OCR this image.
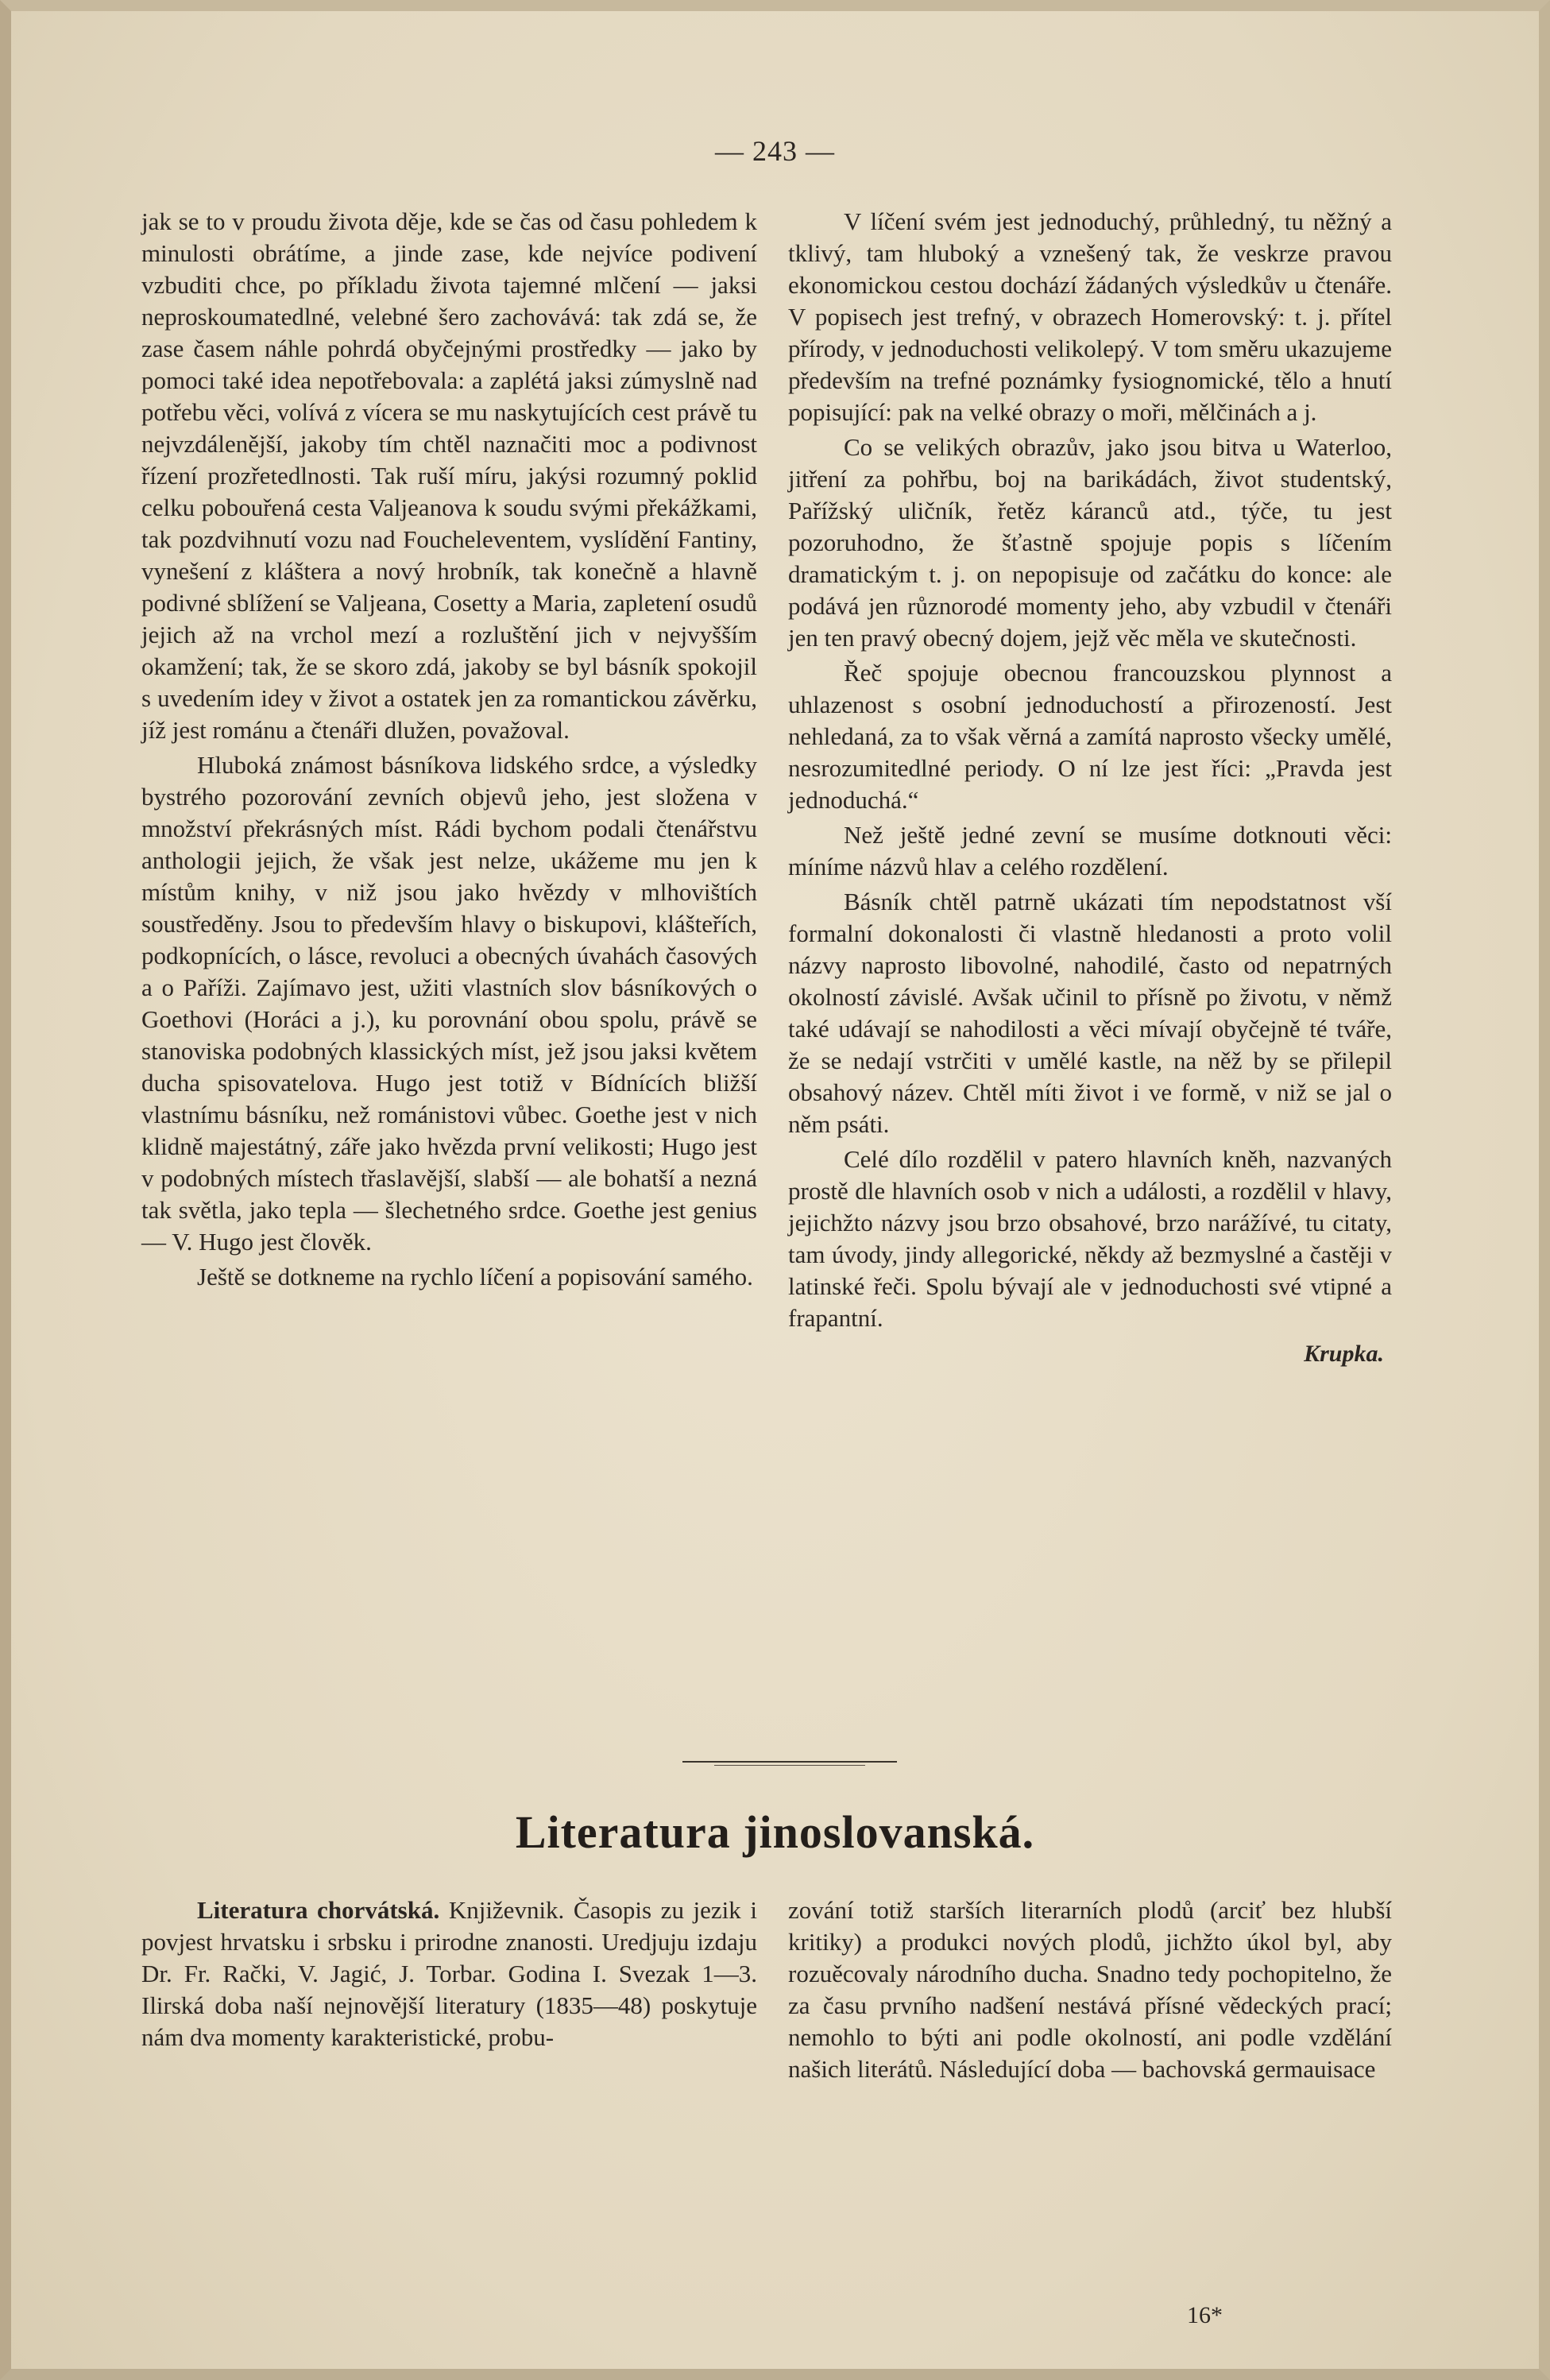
— 243 —

jak se to v proudu života děje, kde se čas od času pohledem k minulosti obrátíme, a jinde zase, kde nejvíce podivení vzbuditi chce, po příkladu života tajemné mlčení — jaksi neproskoumatedlné, velebné šero zachovává: tak zdá se, že zase časem náhle pohrdá obyčejnými prostředky — jako by pomoci také idea nepotřebovala: a zaplétá jaksi zúmyslně nad potřebu věci, volívá z vícera se mu naskytujících cest právě tu nejvzdálenější, jakoby tím chtěl naznačiti moc a podivnost řízení prozřetedlnosti. Tak ruší míru, jakýsi rozumný poklid celku pobouřená cesta Valjeanova k soudu svými překážkami, tak pozdvihnutí vozu nad Foucheleventem, vyslídění Fantiny, vynešení z kláštera a nový hrobník, tak konečně a hlavně podivné sblížení se Valjeana, Cosetty a Maria, zapletení osudů jejich až na vrchol mezí a rozluštění jich v nejvyšším okamžení; tak, že se skoro zdá, jakoby se byl básník spokojil s uvedením idey v život a ostatek jen za romantickou závěrku, jíž jest románu a čtenáři dlužen, považoval.

Hluboká známost básníkova lidského srdce, a výsledky bystrého pozorování zevních objevů jeho, jest složena v množství překrásných míst. Rádi bychom podali čtenářstvu anthologii jejich, že však jest nelze, ukážeme mu jen k místům knihy, v niž jsou jako hvězdy v mlhovištích soustředěny. Jsou to především hlavy o biskupovi, klášteřích, podkopnících, o lásce, revoluci a obecných úvahách časových a o Paříži. Zajímavo jest, užiti vlastních slov básníkových o Goethovi (Horáci a j.), ku porovnání obou spolu, právě se stanoviska podobných klassických míst, jež jsou jaksi květem ducha spisovatelova. Hugo jest totiž v Bídnících bližší vlastnímu básníku, než románistovi vůbec. Goethe jest v nich klidně majestátný, záře jako hvězda první velikosti; Hugo jest v podobných místech třaslavější, slabší — ale bohatší a nezná tak světla, jako tepla — šlechetného srdce. Goethe jest genius — V. Hugo jest člověk.

Ještě se dotkneme na rychlo líčení a popisování samého.

V líčení svém jest jednoduchý, průhledný, tu něžný a tklivý, tam hluboký a vznešený tak, že veskrze pravou ekonomickou cestou dochází žádaných výsledkův u čtenáře. V popisech jest trefný, v obrazech Homerovský: t. j. přítel přírody, v jednoduchosti velikolepý. V tom směru ukazujeme především na trefné poznámky fysiognomické, tělo a hnutí popisující: pak na velké obrazy o moři, mělčinách a j.

Co se velikých obrazův, jako jsou bitva u Waterloo, jitření za pohřbu, boj na barikádách, život studentský, Pařížský uličník, řetěz káranců atd., týče, tu jest pozoruhodno, že šťastně spojuje popis s líčením dramatickým t. j. on nepopisuje od začátku do konce: ale podává jen různorodé momenty jeho, aby vzbudil v čtenáři jen ten pravý obecný dojem, jejž věc měla ve skutečnosti.

Řeč spojuje obecnou francouzskou plynnost a uhlazenost s osobní jednoduchostí a přirozeností. Jest nehledaná, za to však věrná a zamítá naprosto všecky umělé, nesrozumitedlné periody. O ní lze jest říci: „Pravda jest jednoduchá.“

Než ještě jedné zevní se musíme dotknouti věci: míníme názvů hlav a celého rozdělení.

Básník chtěl patrně ukázati tím nepodstatnost vší formalní dokonalosti či vlastně hledanosti a proto volil názvy naprosto libovolné, nahodilé, často od nepatrných okolností závislé. Avšak učinil to přísně po životu, v němž také udávají se nahodilosti a věci mívají obyčejně té tváře, že se nedají vstrčiti v umělé kastle, na něž by se přilepil obsahový název. Chtěl míti život i ve formě, v niž se jal o něm psáti.

Celé dílo rozdělil v patero hlavních kněh, nazvaných prostě dle hlavních osob v nich a události, a rozdělil v hlavy, jejichžto názvy jsou brzo obsahové, brzo narážívé, tu citaty, tam úvody, jindy allegorické, někdy až bezmyslné a častěji v latinské řeči. Spolu bývají ale v jednoduchosti své vtipné a frapantní.

Krupka.
Literatura jinoslovanská.

Literatura chorvátská. Književnik. Časopis zu jezik i povjest hrvatsku i srbsku i prirodne znanosti. Uredjuju izdaju Dr. Fr. Rački, V. Jagić, J. Torbar. Godina I. Svezak 1—3. Ilirská doba naší nejnovější literatury (1835—48) poskytuje nám dva momenty karakteristické, probu-

zování totiž starších literarních plodů (arciť bez hlubší kritiky) a produkci nových plodů, jichžto úkol byl, aby rozuěcovaly národního ducha. Snadno tedy pochopitelno, že za času prvního nadšení nestává přísné vědeckých prací; nemohlo to býti ani podle okolností, ani podle vzdělání našich literátů. Následující doba — bachovská germauisace

16*
